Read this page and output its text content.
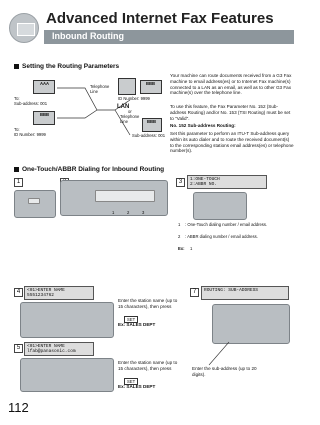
Advanced Internet Fax Features
Inbound Routing
Setting the Routing Parameters
AAA
BBB
To:
Sub-address: 001
To:
ID Number: 9999
Telephone Line
BBB
ID Number: 9999
LAN
or
Telephone Line	BBB
Sub-address: 001
Your machine can route documents received from a G3 Fax machine to email address(es) or to Internet Fax machine(s) connected to a LAN as an email, as well as to other G3 Fax machine(s) over the telephone line.
To use this feature, the Fax Parameter No. 152 (Sub-address Routing) and/or No. 153 (TSI Routing) must be set to "Valid".
No. 152 Sub-address Routing:
Set this parameter to perform an ITU-T Sub-address query within its auto dialer and to route the received document(s) to the corresponding stations email address(es) or telephone number(s).
One-Touch/ABBR Dialing for Inbound Routing
1
1	2	3
3	1:ONE-TOUCH
2:ABBR NO.
1 : One-Touch dialing number / email address.
2 : ABBR dialing number / email address.
Ex: 1
4	<01>ENTER NAME
5551234762
Enter the station name (up to 15 characters), then press
SET
Ex: SALES DEPT
5	<01>ENTER NAME
lfab@panasonic.com
Enter the station name (up to 15 characters), then press
SET
Ex: SALES DEPT
7	ROUTING: SUB-ADDRESS
Enter the sub-address (up to 20 digits).
112
